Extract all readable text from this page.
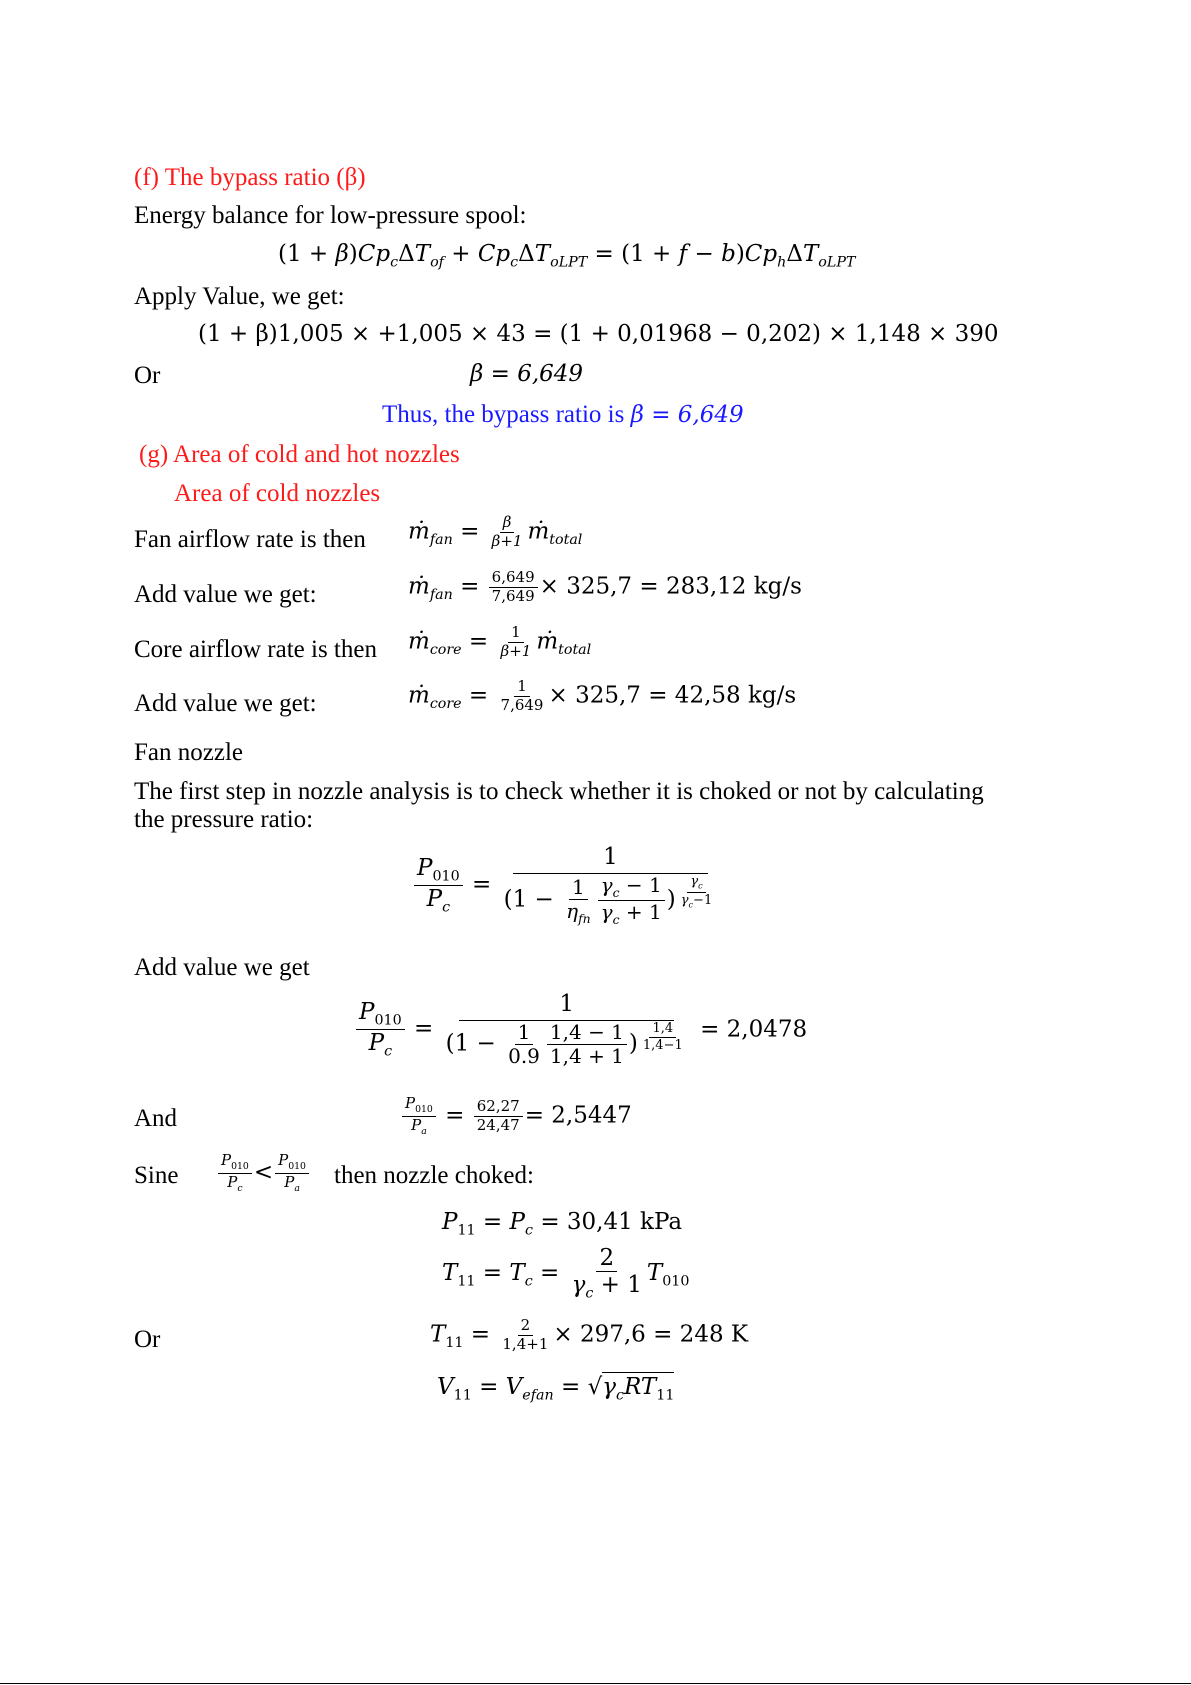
(f) The bypass ratio (β)
Energy balance for low-pressure spool:
$(1 + \beta)Cp_c\Delta T_{of} + Cp_c\Delta T_{oLPT} = (1 + f - b)Cp_h\Delta T_{oLPT}$
Apply Value, we get:
(1 + β)1,005 × +1,005 × 43 = (1 + 0,01968 − 0,202) × 1,148 × 390
Or	β = 6,649
Thus, the bypass ratio is β = 6,649
(g) Area of cold and hot nozzles
Area of cold nozzles
Fan airflow rate is then ṁ$_{fan}$ = $\frac{\beta}{\beta+1}$ ṁ$_{total}$
Add value we get:	ṁ$_{fan}$ = $\frac{6,649}{7,649} \times 325,7 = 283,12$ kg/s
Core airflow rate is then ṁ$_{core}$ = $\frac{1}{\beta+1}$ ṁ$_{total}$
Add value we get:	ṁ$_{core}$ = $\frac{1}{7,649} \times 325,7 = 42,58$ kg/s
Fan nozzle
The first step in nozzle analysis is to check whether it is choked or not by calculating
the pressure ratio:
$\frac{P_{010}}{P_c} = 1$
($1 - \frac{1}{\eta_{fn}} \frac{\gamma_c - 1}{\gamma_c + 1}$ ) $^{\frac{\gamma_c}{\gamma_c-1}}$
Add value we get
$\frac{P_{010}}{P_c} = 1$
($1 - \frac{1}{0.9} \frac{1,4 - 1}{1,4 + 1}$ ) $^{\frac{1,4}{1,4-1}}$ = 2,0478
And	$\frac{P_{010}}{P_a} = \frac{62,27}{24,47} = 2,5447$
Sine	$\frac{P_{010}}{P_c} < \frac{P_{010}}{P_a}$ then nozzle choked:
$P_{11} = P_c = 30,41$ kPa
$T_{11} = T_c = \frac{2}{\gamma_c + 1} T_{010}$
Or	$T_{11} = \frac{2}{1,4+1} \times 297,6 = 248$ K
$V_{11} = V_{efan} = √\gamma_cRT_{11}$
